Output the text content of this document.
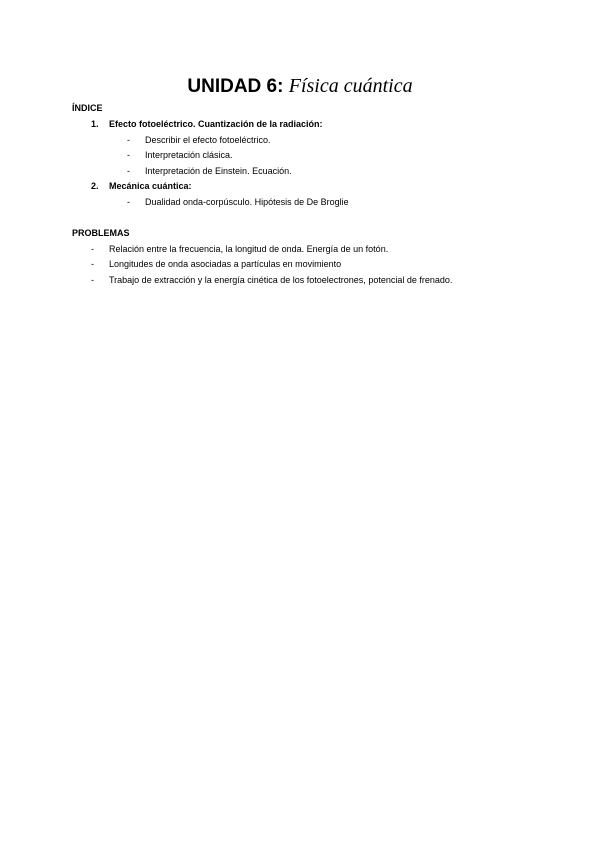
UNIDAD 6: Física cuántica
ÍNDICE
1. Efecto fotoeléctrico. Cuantización de la radiación:
- Describir el efecto fotoeléctrico.
- Interpretación clásica.
- Interpretación de Einstein. Ecuación.
2. Mecánica cuántica:
- Dualidad onda-corpúsculo. Hipótesis de De Broglie
PROBLEMAS
- Relación entre la frecuencia, la longitud de onda. Energía de un fotón.
- Longitudes de onda asociadas a partículas en movimiento
- Trabajo de extracción y la energía cinética de los fotoelectrones, potencial de frenado.
